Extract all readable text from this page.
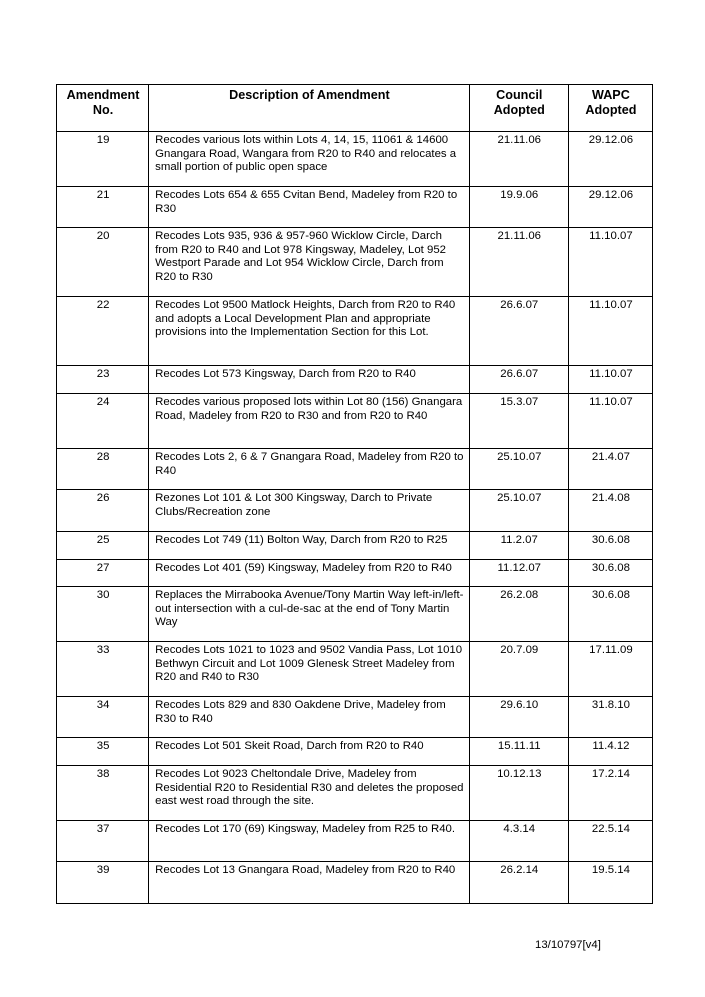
Amendment No.	Description of Amendment	Council Adopted	WAPC Adopted
19	Recodes various lots within Lots 4, 14, 15, 11061 & 14600 Gnangara Road, Wangara from R20 to R40 and relocates a small portion of public open space	21.11.06	29.12.06
21	Recodes Lots 654 & 655 Cvitan Bend, Madeley from R20 to R30	19.9.06	29.12.06
20	Recodes Lots 935, 936 & 957-960 Wicklow Circle, Darch from R20 to R40 and Lot 978 Kingsway, Madeley, Lot 952 Westport Parade and Lot 954 Wicklow Circle, Darch from R20 to R30	21.11.06	11.10.07
22	Recodes Lot 9500 Matlock Heights, Darch from R20 to R40 and adopts a Local Development Plan and appropriate provisions into the Implementation Section for this Lot.	26.6.07	11.10.07
23	Recodes Lot 573 Kingsway, Darch from R20 to R40	26.6.07	11.10.07
24	Recodes various proposed lots within Lot 80 (156) Gnangara Road, Madeley from R20 to R30 and from R20 to R40	15.3.07	11.10.07
28	Recodes Lots 2, 6 & 7 Gnangara Road, Madeley from R20 to R40	25.10.07	21.4.07
26	Rezones Lot 101 & Lot 300 Kingsway, Darch to Private Clubs/Recreation zone	25.10.07	21.4.08
25	Recodes Lot 749 (11) Bolton Way, Darch from R20 to R25	11.2.07	30.6.08
27	Recodes Lot 401 (59) Kingsway, Madeley from R20 to R40	11.12.07	30.6.08
30	Replaces the Mirrabooka Avenue/Tony Martin Way left-in/left-out intersection with a cul-de-sac at the end of Tony Martin Way	26.2.08	30.6.08
33	Recodes Lots 1021 to 1023 and 9502 Vandia Pass, Lot 1010 Bethwyn Circuit and Lot 1009 Glenesk Street Madeley from R20 and R40 to R30	20.7.09	17.11.09
34	Recodes Lots 829 and 830 Oakdene Drive, Madeley from R30 to R40	29.6.10	31.8.10
35	Recodes Lot 501 Skeit Road, Darch from R20 to R40	15.11.11	11.4.12
38	Recodes Lot 9023 Cheltondale Drive, Madeley from Residential R20 to Residential R30 and deletes the proposed east west road through the site.	10.12.13	17.2.14
37	Recodes Lot 170 (69) Kingsway, Madeley from R25 to R40.	4.3.14	22.5.14
39	Recodes Lot 13 Gnangara Road, Madeley from R20 to R40	26.2.14	19.5.14
13/10797[v4]
